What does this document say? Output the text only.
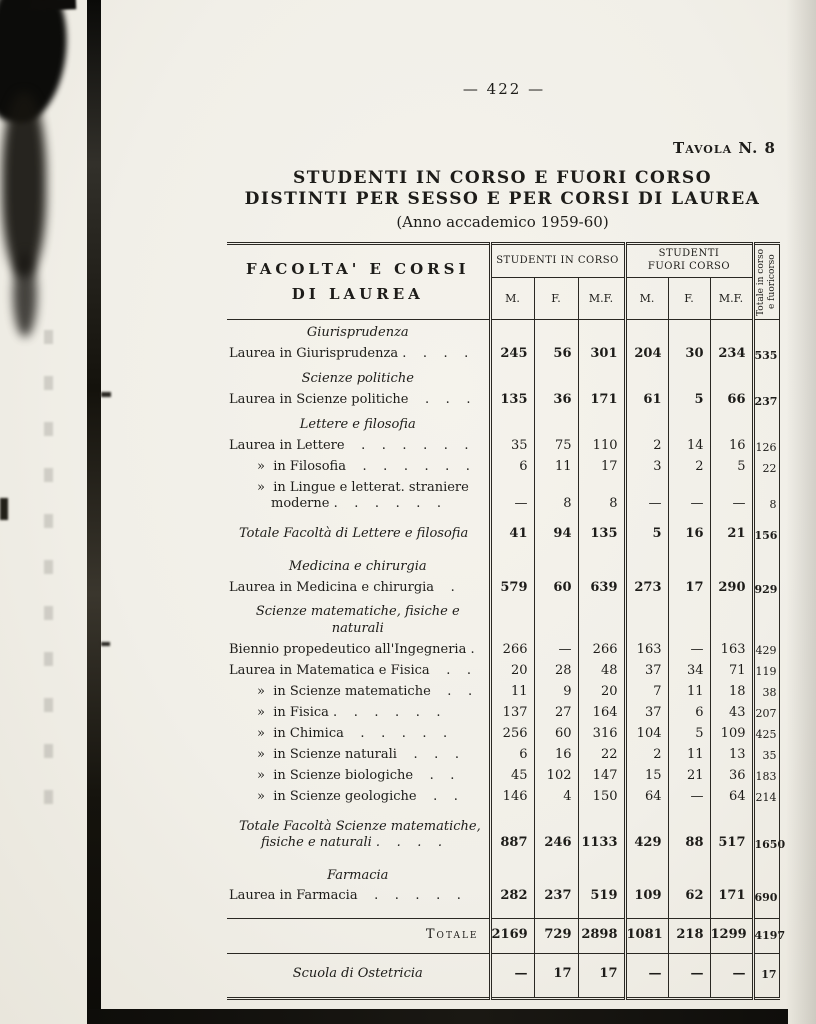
— 422 —
Tavola N. 8
STUDENTI IN CORSO E FUORI CORSO
DISTINTI PER SESSO E PER CORSI DI LAUREA
(Anno accademico 1959-60)
FACOLTA' E CORSI
DI LAUREA	STUDENTI IN CORSO			STUDENTI FUORI CORSO			Totale in corso e fuoricorso

	M.	F.	M.F.	M.	F.	M.F.	

Giurisprudenza							

Laurea in Giurisprudenza .    .    .    .	245	56	301	204	30	234	535

Scienze politiche							

Laurea in Scienze politiche    .    .    .	135	36	171	61	5	66	237

Lettere e filosofia							

Laurea in Lettere    .    .    .    .    .    .	35	75	110	2	14	16	126

»  in Filosofia    .    .    .    .    .    .	6	11	17	3	2	5	22

»  in Lingue e letterat. straniere
moderne .    .    .    .    .    .	—	8	8	—	—	—	8

Totale Facoltà di Lettere e filosofia	41	94	135	5	16	21	156

Medicina e chirurgia							

Laurea in Medicina e chirurgia    .	579	60	639	273	17	290	929

Scienze matematiche, fisiche e naturali							

Biennio propedeutico all'Ingegneria .	266	—	266	163	—	163	429

Laurea in Matematica e Fisica    .    .	20	28	48	37	34	71	119

»  in Scienze matematiche    .    .	11	9	20	7	11	18	38

»  in Fisica .    .    .    .    .    .	137	27	164	37	6	43	207

»  in Chimica    .    .    .    .    .	256	60	316	104	5	109	425

»  in Scienze naturali    .    .    .	6	16	22	2	11	13	35

»  in Scienze biologiche    .    .	45	102	147	15	21	36	183

»  in Scienze geologiche    .    .	146	4	150	64	—	64	214

Totale Facoltà Scienze matematiche,
fisiche e naturali .    .    .    .	887	246	1133	429	88	517	1650

Farmacia							

Laurea in Farmacia    .    .    .    .    .	282	237	519	109	62	171	690

Totale	2169	729	2898	1081	218	1299	4197

Scuola di Ostetricia	—	17	17	—	—	—	17
